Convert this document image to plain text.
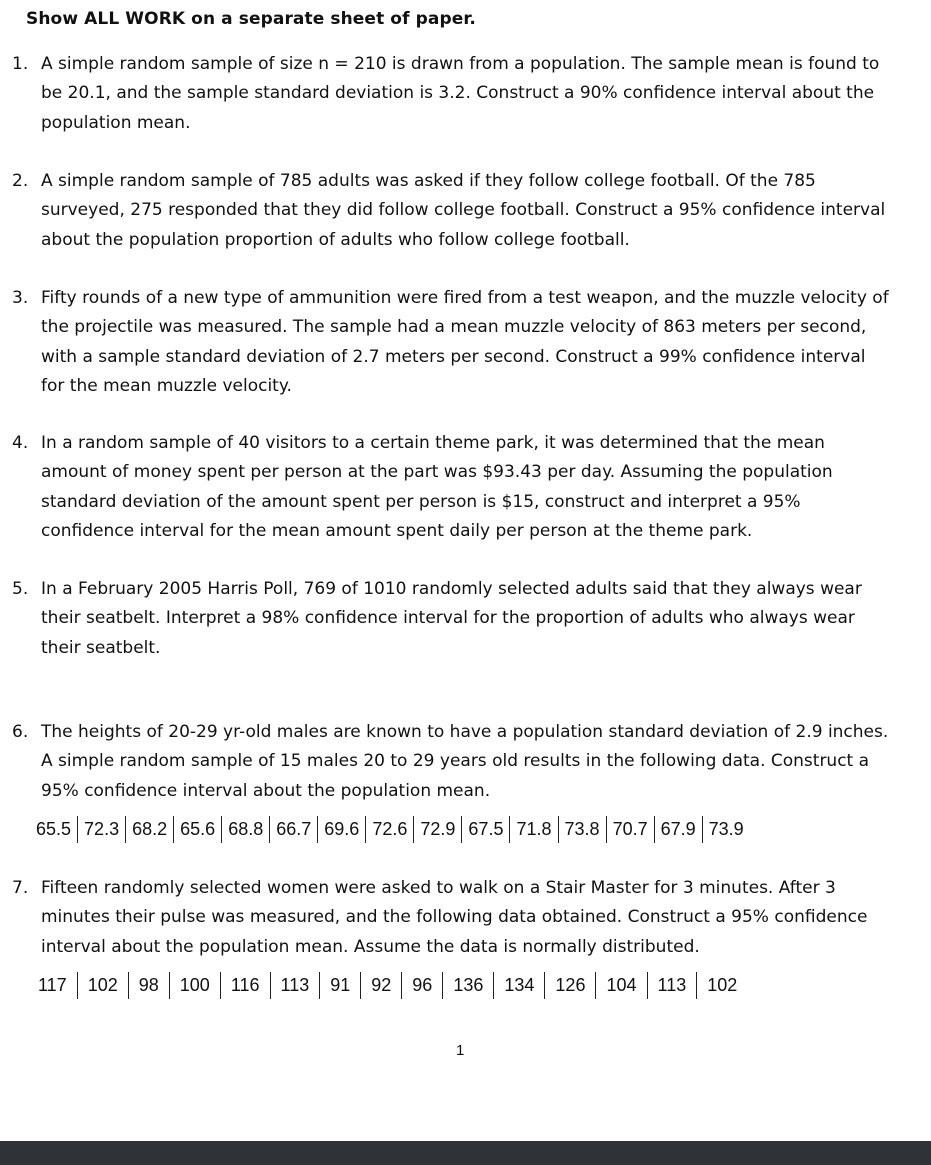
Show ALL WORK on a separate sheet of paper.
1. A simple random sample of size n = 210 is drawn from a population. The sample mean is found to be 20.1, and the sample standard deviation is 3.2. Construct a 90% confidence interval about the population mean.
2. A simple random sample of 785 adults was asked if they follow college football. Of the 785 surveyed, 275 responded that they did follow college football. Construct a 95% confidence interval about the population proportion of adults who follow college football.
3. Fifty rounds of a new type of ammunition were fired from a test weapon, and the muzzle velocity of the projectile was measured. The sample had a mean muzzle velocity of 863 meters per second, with a sample standard deviation of 2.7 meters per second. Construct a 99% confidence interval for the mean muzzle velocity.
4. In a random sample of 40 visitors to a certain theme park, it was determined that the mean amount of money spent per person at the part was $93.43 per day. Assuming the population standard deviation of the amount spent per person is $15, construct and interpret a 95% confidence interval for the mean amount spent daily per person at the theme park.
5. In a February 2005 Harris Poll, 769 of 1010 randomly selected adults said that they always wear their seatbelt. Interpret a 98% confidence interval for the proportion of adults who always wear their seatbelt.
6. The heights of 20-29 yr-old males are known to have a population standard deviation of 2.9 inches. A simple random sample of 15 males 20 to 29 years old results in the following data. Construct a 95% confidence interval about the population mean.
65.5 72.3 68.2 65.6 68.8 66.7 69.6 72.6 72.9 67.5 71.8 73.8 70.7 67.9 73.9
7. Fifteen randomly selected women were asked to walk on a Stair Master for 3 minutes. After 3 minutes their pulse was measured, and the following data obtained. Construct a 95% confidence interval about the population mean. Assume the data is normally distributed.
117	102	98	100	116	113	91	92	96	136	134	126	104	113	102
1
